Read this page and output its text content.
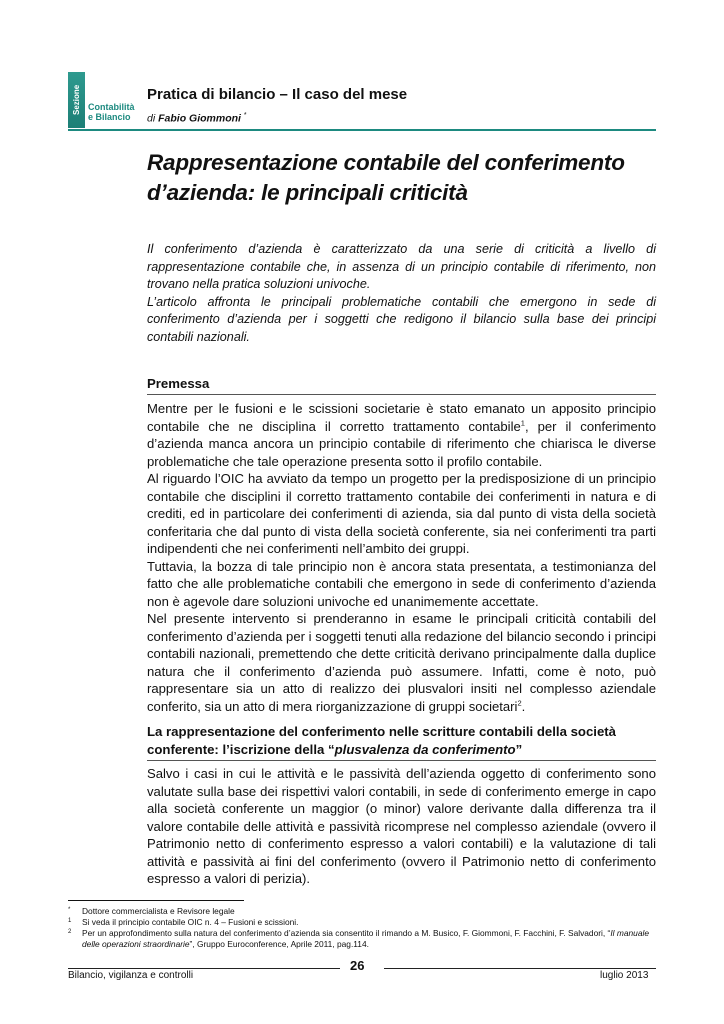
Sezione Contabilità
e Bilancio
Pratica di bilancio – Il caso del mese
di Fabio Giommoni *
Rappresentazione contabile del conferimento d’azienda: le principali criticità

Il conferimento d’azienda è caratterizzato da una serie di criticità a livello di rappresentazione contabile che, in assenza di un principio contabile di riferimento, non trovano nella pratica soluzioni univoche.

L’articolo affronta le principali problematiche contabili che emergono in sede di conferimento d’azienda per i soggetti che redigono il bilancio sulla base dei principi contabili nazionali.

Premessa

Mentre per le fusioni e le scissioni societarie è stato emanato un apposito principio contabile che ne disciplina il corretto trattamento contabile$^1$, per il conferimento d’azienda manca ancora un principio contabile di riferimento che chiarisca le diverse problematiche che tale operazione presenta sotto il profilo contabile.

Al riguardo l’OIC ha avviato da tempo un progetto per la predisposizione di un principio contabile che disciplini il corretto trattamento contabile dei conferimenti in natura e di crediti, ed in particolare dei conferimenti di azienda, sia dal punto di vista della società conferitaria che dal punto di vista della società conferente, sia nei conferimenti tra parti indipendenti che nei conferimenti nell’ambito dei gruppi.

Tuttavia, la bozza di tale principio non è ancora stata presentata, a testimonianza del fatto che alle problematiche contabili che emergono in sede di conferimento d’azienda non è agevole dare soluzioni univoche ed unanimemente accettate.

Nel presente intervento si prenderanno in esame le principali criticità contabili del conferimento d’azienda per i soggetti tenuti alla redazione del bilancio secondo i principi contabili nazionali, premettendo che dette criticità derivano principalmente dalla duplice natura che il conferimento d’azienda può assumere. Infatti, come è noto, può rappresentare sia un atto di realizzo dei plusvalori insiti nel complesso aziendale conferito, sia un atto di mera riorganizzazione di gruppi societari$^2$.

La rappresentazione del conferimento nelle scritture contabili della società conferente: l’iscrizione della “plusvalenza da conferimento”

Salvo i casi in cui le attività e le passività dell’azienda oggetto di conferimento sono valutate sulla base dei rispettivi valori contabili, in sede di conferimento emerge in capo alla società conferente un maggior (o minor) valore derivante dalla differenza tra il valore contabile delle attività e passività ricomprese nel complesso aziendale (ovvero il Patrimonio netto di conferimento espresso a valori contabili) e la valutazione di tali attività e passività ai fini del conferimento (ovvero il Patrimonio netto di conferimento espresso a valori di perizia).

*	Dottore commercialista e Revisore legale
1	Si veda il principio contabile OIC n. 4 – Fusioni e scissioni.
2	Per un approfondimento sulla natura del conferimento d’azienda sia consentito il rimando a M. Busico, F. Giommoni, F. Facchini, F. Salvadori, “Il manuale delle operazioni straordinarie”, Gruppo Euroconference, Aprile 2011, pag.114.
26
Bilancio, vigilanza e controlli	luglio 2013
